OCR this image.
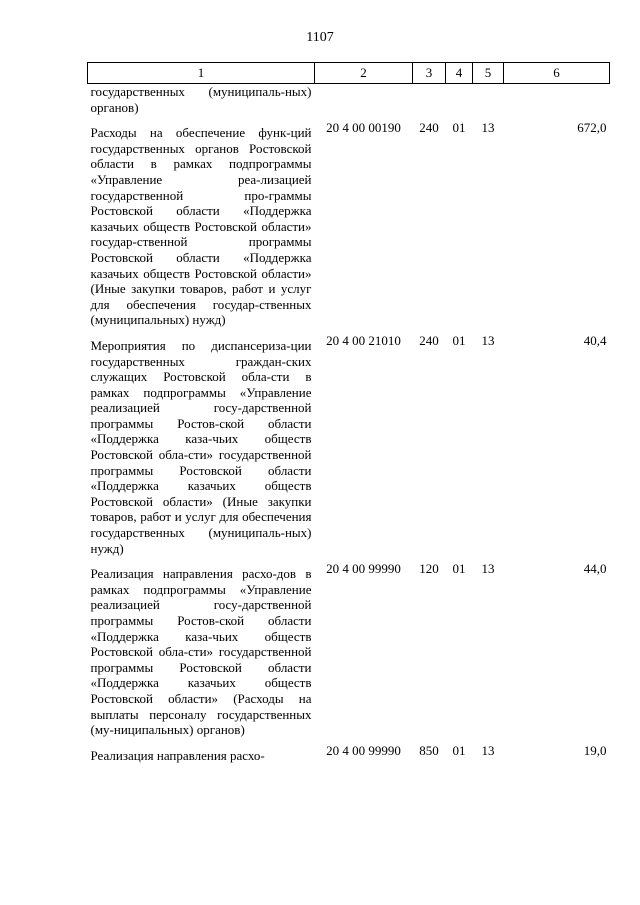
1107
1	2	3	4	5	6
государственных (муниципаль-ных) органов)					
Расходы на обеспечение функ-ций государственных органов Ростовской области в рамках подпрограммы «Управление реа-лизацией государственной про-граммы Ростовской области «Поддержка казачьих обществ Ростовской области» государ-ственной программы Ростовской области «Поддержка казачьих обществ Ростовской области» (Иные закупки товаров, работ и услуг для обеспечения государ-ственных (муниципальных) нужд)	20 4 00 00190	240	01	13	672,0
Мероприятия по диспансериза-ции государственных граждан-ских служащих Ростовской обла-сти в рамках подпрограммы «Управление реализацией госу-дарственной программы Ростов-ской области «Поддержка каза-чьих обществ Ростовской обла-сти» государственной программы Ростовской области «Поддержка казачьих обществ Ростовской области» (Иные закупки товаров, работ и услуг для обеспечения государственных (муниципаль-ных) нужд)	20 4 00 21010	240	01	13	40,4
Реализация направления расхо-дов в рамках подпрограммы «Управление реализацией госу-дарственной программы Ростов-ской области «Поддержка каза-чьих обществ Ростовской обла-сти» государственной программы Ростовской области «Поддержка казачьих обществ Ростовской области» (Расходы на выплаты персоналу государственных (му-ниципальных) органов)	20 4 00 99990	120	01	13	44,0
Реализация направления расхо-	20 4 00 99990	850	01	13	19,0
